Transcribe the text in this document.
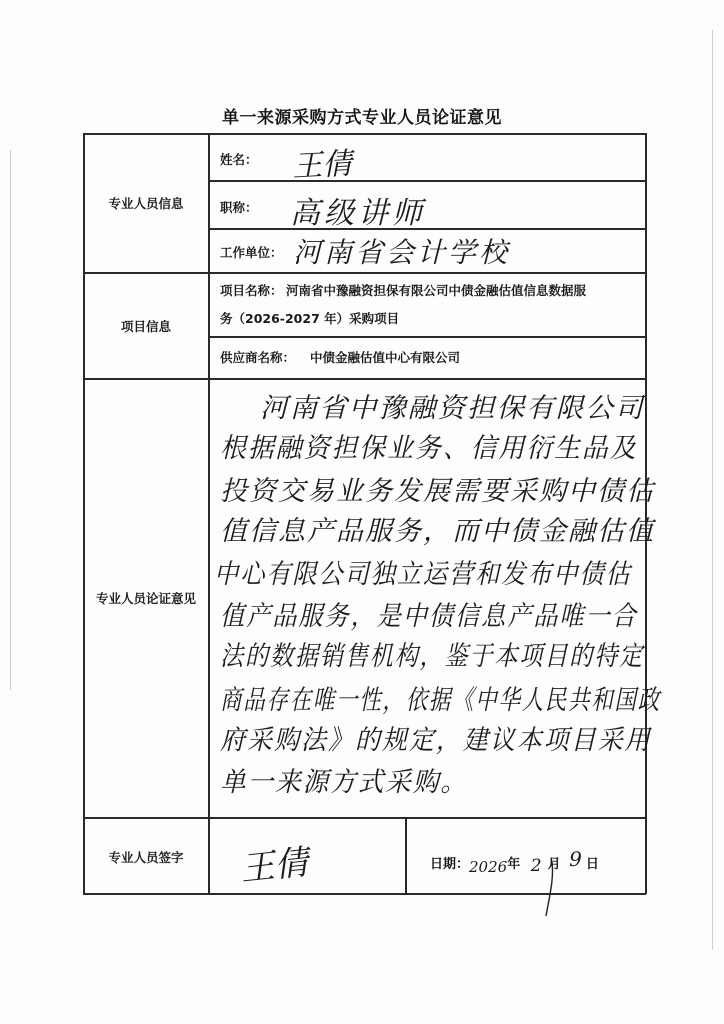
单一来源采购方式专业人员论证意见
专业人员信息
项目信息
专业人员论证意见
专业人员签字
姓名： 王倩
职称： 高级讲师
工作单位： 河南省会计学校
项目名称： 河南省中豫融资担保有限公司中债金融估值信息数据服
务（2026-2027 年）采购项目
供应商名称： 中债金融估值中心有限公司
河南省中豫融资担保有限公司
根据融资担保业务、信用衍生品及
投资交易业务发展需要采购中债估
值信息产品服务，而中债金融估值
中心有限公司独立运营和发布中债估
值产品服务，是中债信息产品唯一合
法的数据销售机构，鉴于本项目的特定
商品存在唯一性，依据《中华人民共和国政
府采购法》的规定，建议本项目采用
单一来源方式采购。
王倩	日期：2026年 2 月 9 日
